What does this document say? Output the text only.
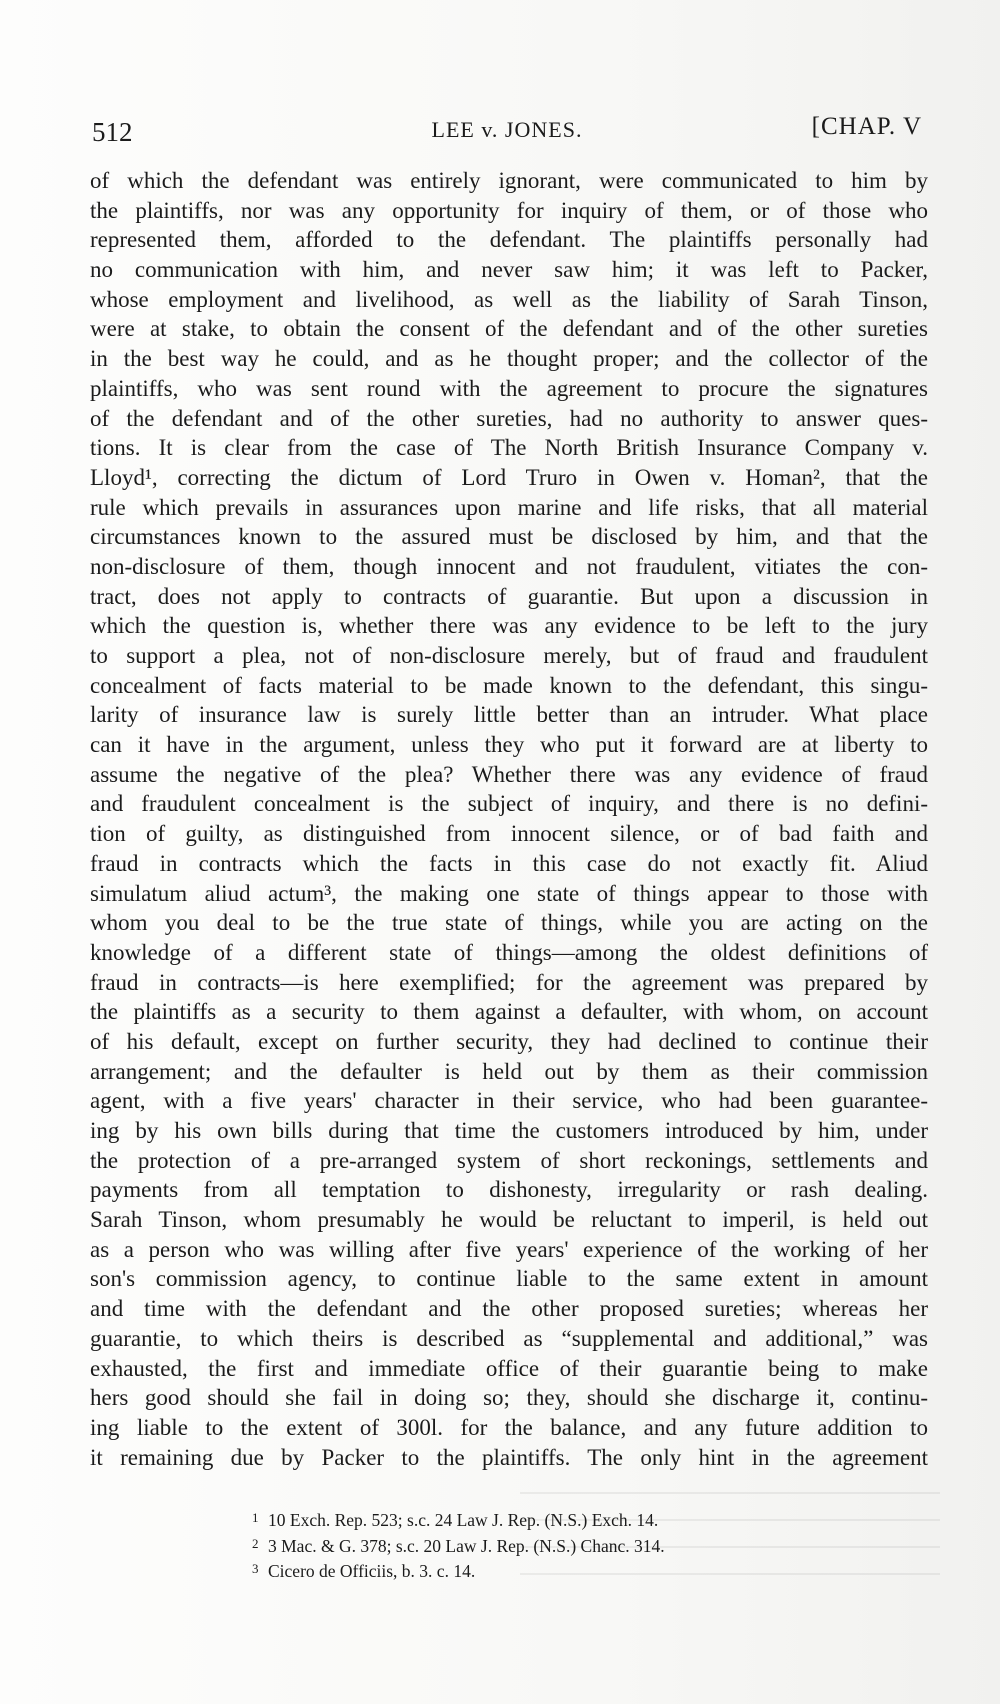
512	LEE v. JONES.	[CHAP. V
of which the defendant was entirely ignorant, were communicated to him by
the plaintiffs, nor was any opportunity for inquiry of them, or of those who
represented them, afforded to the defendant. The plaintiffs personally had
no communication with him, and never saw him; it was left to Packer,
whose employment and livelihood, as well as the liability of Sarah Tinson,
were at stake, to obtain the consent of the defendant and of the other sureties
in the best way he could, and as he thought proper; and the collector of the
plaintiffs, who was sent round with the agreement to procure the signatures
of the defendant and of the other sureties, had no authority to answer ques-
tions. It is clear from the case of The North British Insurance Company v.
Lloyd¹, correcting the dictum of Lord Truro in Owen v. Homan², that the
rule which prevails in assurances upon marine and life risks, that all material
circumstances known to the assured must be disclosed by him, and that the
non-disclosure of them, though innocent and not fraudulent, vitiates the con-
tract, does not apply to contracts of guarantie. But upon a discussion in
which the question is, whether there was any evidence to be left to the jury
to support a plea, not of non-disclosure merely, but of fraud and fraudulent
concealment of facts material to be made known to the defendant, this singu-
larity of insurance law is surely little better than an intruder. What place
can it have in the argument, unless they who put it forward are at liberty to
assume the negative of the plea? Whether there was any evidence of fraud
and fraudulent concealment is the subject of inquiry, and there is no defini-
tion of guilty, as distinguished from innocent silence, or of bad faith and
fraud in contracts which the facts in this case do not exactly fit. Aliud
simulatum aliud actum³, the making one state of things appear to those with
whom you deal to be the true state of things, while you are acting on the
knowledge of a different state of things—among the oldest definitions of
fraud in contracts—is here exemplified; for the agreement was prepared by
the plaintiffs as a security to them against a defaulter, with whom, on account
of his default, except on further security, they had declined to continue their
arrangement; and the defaulter is held out by them as their commission
agent, with a five years' character in their service, who had been guarantee-
ing by his own bills during that time the customers introduced by him, under
the protection of a pre-arranged system of short reckonings, settlements and
payments from all temptation to dishonesty, irregularity or rash dealing.
Sarah Tinson, whom presumably he would be reluctant to imperil, is held out
as a person who was willing after five years' experience of the working of her
son's commission agency, to continue liable to the same extent in amount
and time with the defendant and the other proposed sureties; whereas her
guarantie, to which theirs is described as “supplemental and additional,” was
exhausted, the first and immediate office of their guarantie being to make
hers good should she fail in doing so; they, should she discharge it, continu-
ing liable to the extent of 300l. for the balance, and any future addition to
it remaining due by Packer to the plaintiffs. The only hint in the agreement
1 10 Exch. Rep. 523; s.c. 24 Law J. Rep. (N.S.) Exch. 14.
2 3 Mac. & G. 378; s.c. 20 Law J. Rep. (N.S.) Chanc. 314.
3 Cicero de Officiis, b. 3. c. 14.
